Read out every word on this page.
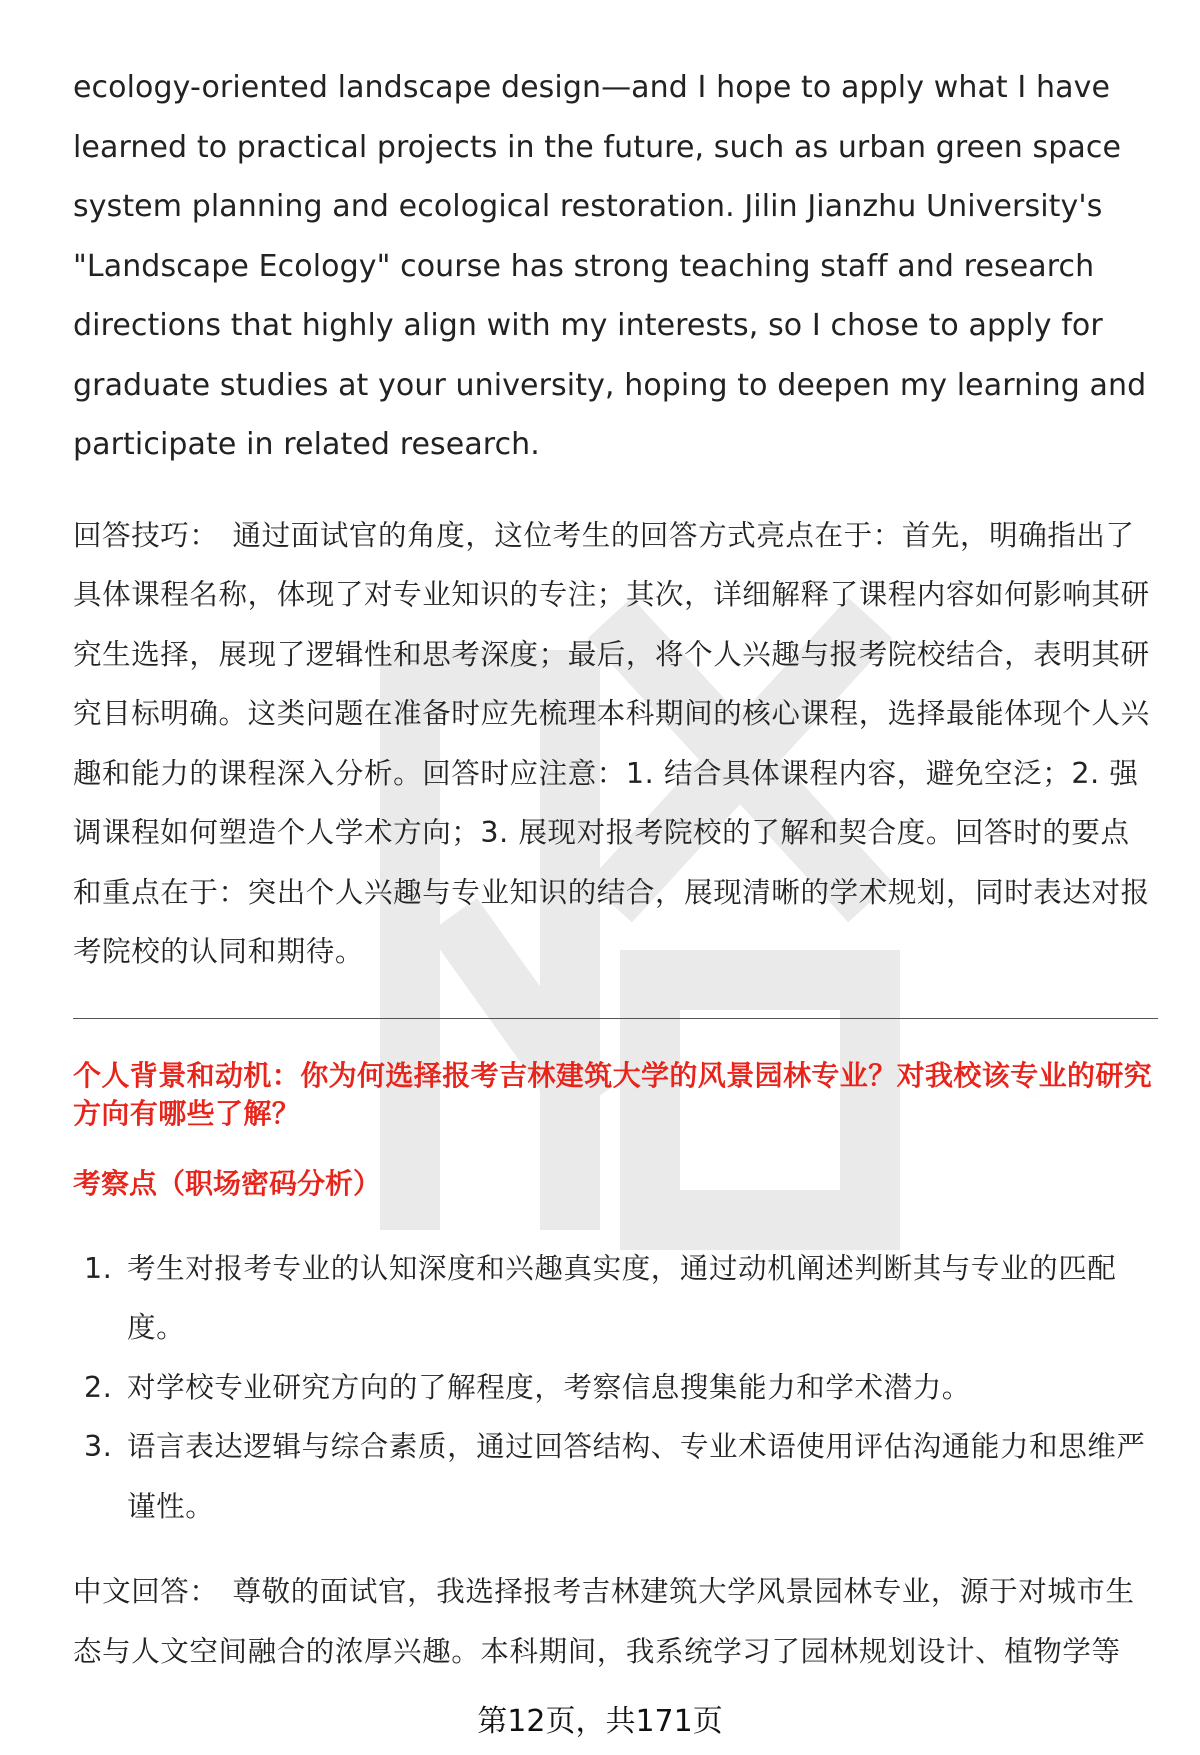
ecology-oriented landscape design—and I hope to apply what I have learned to practical projects in the future, such as urban green space system planning and ecological restoration. Jilin Jianzhu University's "Landscape Ecology" course has strong teaching staff and research directions that highly align with my interests, so I chose to apply for graduate studies at your university, hoping to deepen my learning and participate in related research.

回答技巧： 通过面试官的角度，这位考生的回答方式亮点在于：首先，明确指出了具体课程名称，体现了对专业知识的专注；其次，详细解释了课程内容如何影响其研究生选择，展现了逻辑性和思考深度；最后，将个人兴趣与报考院校结合，表明其研究目标明确。这类问题在准备时应先梳理本科期间的核心课程，选择最能体现个人兴趣和能力的课程深入分析。回答时应注意：1. 结合具体课程内容，避免空泛；2. 强调课程如何塑造个人学术方向；3. 展现对报考院校的了解和契合度。回答时的要点和重点在于：突出个人兴趣与专业知识的结合，展现清晰的学术规划，同时表达对报考院校的认同和期待。

个人背景和动机：你为何选择报考吉林建筑大学的风景园林专业？对我校该专业的研究方向有哪些了解？

考察点（职场密码分析）

1. 考生对报考专业的认知深度和兴趣真实度，通过动机阐述判断其与专业的匹配度。
2. 对学校专业研究方向的了解程度，考察信息搜集能力和学术潜力。
3. 语言表达逻辑与综合素质，通过回答结构、专业术语使用评估沟通能力和思维严谨性。

中文回答： 尊敬的面试官，我选择报考吉林建筑大学风景园林专业，源于对城市生态与人文空间融合的浓厚兴趣。本科期间，我系统学习了园林规划设计、植物学等

第12页，共171页
